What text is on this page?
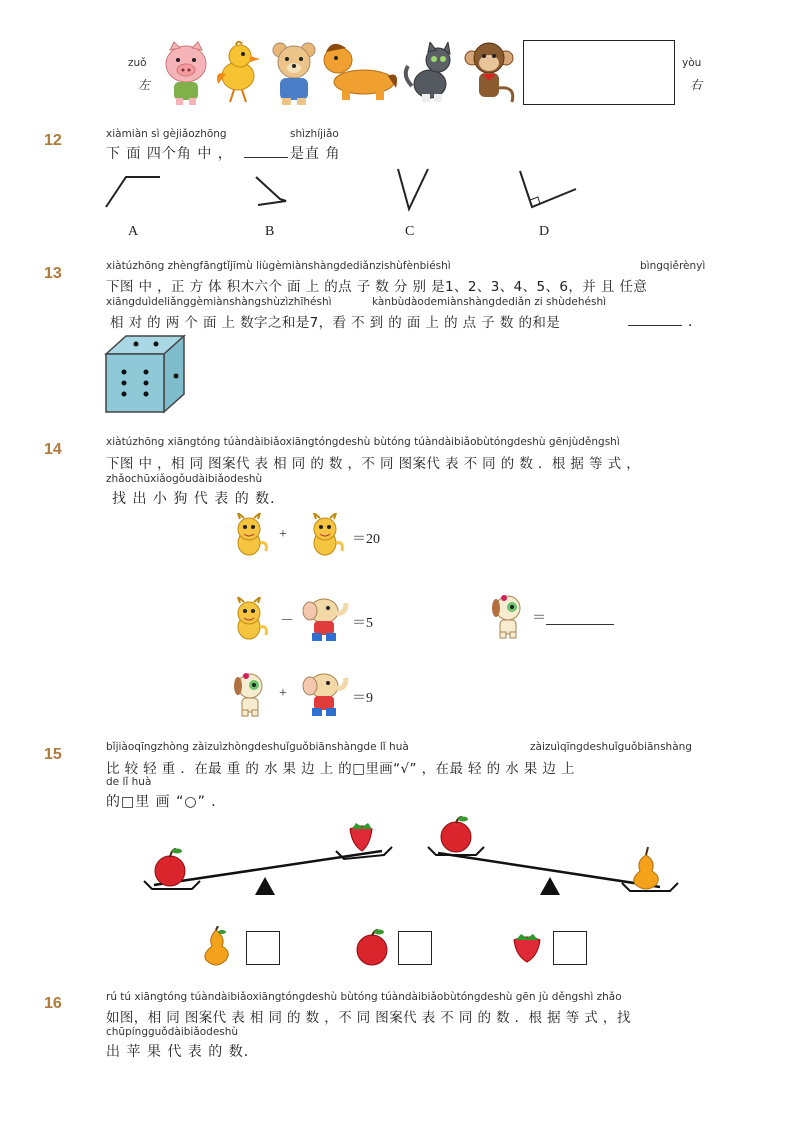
zuǒ
左
yòu
右
12	xiàmiàn sì gèjiǎozhōng	shìzhíjiǎo
下 面 四个角 中 ，	是直 角
A	B	C	D
13	xiàtúzhōng zhèngfāngtǐjīmù liùgèmiànshàngdediǎnzishùfènbiéshì	bìngqiěrènyì
下图 中 ，正 方 体 积木六个 面 上 的点 子 数 分 别 是1、2、3、4、5、6，并 且 任意
xiāngduìdeliǎnggèmiànshàngshùzìzhīhéshì	kànbùdàodemiànshàngdediǎn zi shùdehéshì
相 对 的 两 个 面 上 数字之和是7，看 不 到 的 面 上 的 点 子 数 的和是	．
14	xiàtúzhōng xiāngtóng túàndàibiǎoxiāngtóngdeshù bùtóng túàndàibiǎobùtóngdeshù gēnjùděngshì
下图 中 ，相 同 图案代 表 相 同 的 数 ，不 同 图案代 表 不 同 的 数 ．根 据 等 式 ，
zhǎochūxiǎogǒudàibiǎodeshù
找 出 小 狗 代 表 的 数．
+	＝20
－	＝5	＝
+	＝9
15	bǐjiàoqīngzhòng zàizuìzhòngdeshuǐguǒbiānshàngde lǐ huà	zàizuìqīngdeshuǐguǒbiānshàng
比 较 轻 重 ．在最 重 的 水 果 边 上 的□里画“√” ，在最 轻 的 水 果 边 上
de lǐ huà
的□里 画 “○” ．
16	rú tú xiāngtóng túàndàibiǎoxiāngtóngdeshù bùtóng túàndàibiǎobùtóngdeshù gēn jù děngshì zhǎo
如图，相 同 图案代 表 相 同 的 数 ，不 同 图案代 表 不 同 的 数 ．根 据 等 式 ，找
chūpíngguǒdàibiǎodeshù
出 苹 果 代 表 的 数．
